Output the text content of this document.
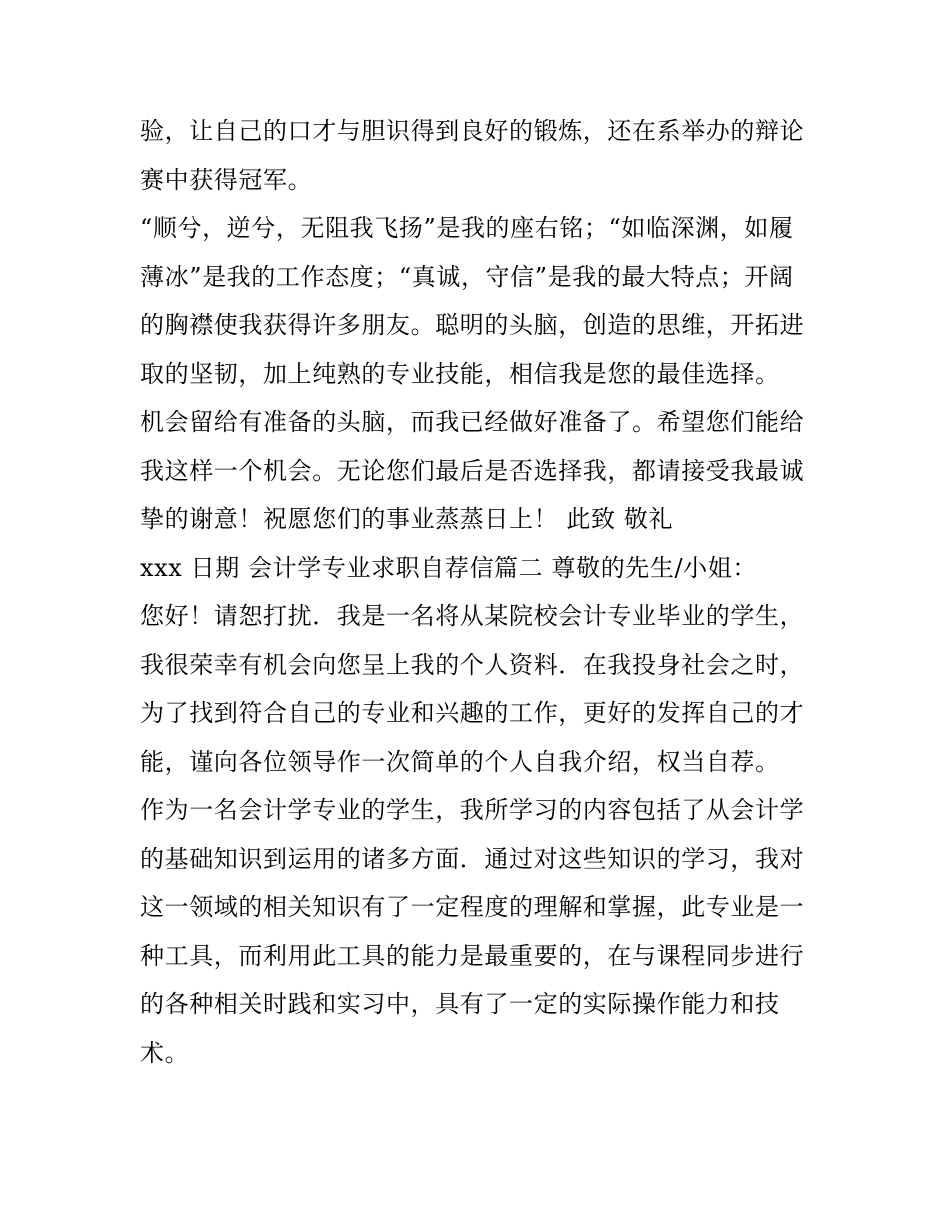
验，让自己的口才与胆识得到良好的锻炼，还在系举办的辩论
赛中获得冠军。
“顺兮，逆兮，无阻我飞扬”是我的座右铭；“如临深渊，如履
薄冰”是我的工作态度；“真诚，守信”是我的最大特点；开阔
的胸襟使我获得许多朋友。聪明的头脑，创造的思维，开拓进
取的坚韧，加上纯熟的专业技能，相信我是您的最佳选择。
机会留给有准备的头脑，而我已经做好准备了。希望您们能给
我这样一个机会。无论您们最后是否选择我，都请接受我最诚
挚的谢意！祝愿您们的事业蒸蒸日上！ 此致 敬礼
xxx 日期 会计学专业求职自荐信篇二 尊敬的先生/小姐：
您好！请恕打扰．我是一名将从某院校会计专业毕业的学生，
我很荣幸有机会向您呈上我的个人资料．在我投身社会之时，
为了找到符合自己的专业和兴趣的工作，更好的发挥自己的才
能，谨向各位领导作一次简单的个人自我介绍，权当自荐。
作为一名会计学专业的学生，我所学习的内容包括了从会计学
的基础知识到运用的诸多方面．通过对这些知识的学习，我对
这一领域的相关知识有了一定程度的理解和掌握，此专业是一
种工具，而利用此工具的能力是最重要的，在与课程同步进行
的各种相关时践和实习中，具有了一定的实际操作能力和技
术。
